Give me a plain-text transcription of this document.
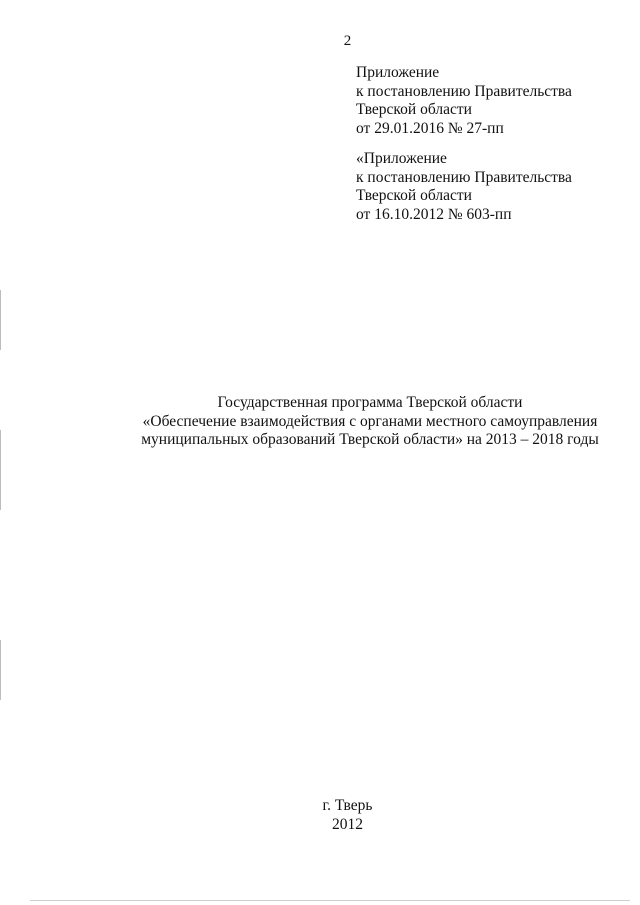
2
Приложение
к постановлению Правительства
Тверской области
от 29.01.2016 № 27-пп
«Приложение
к постановлению Правительства
Тверской области
от 16.10.2012 № 603-пп
Государственная программа Тверской области
«Обеспечение взаимодействия с органами местного самоуправления
муниципальных образований Тверской области» на 2013 – 2018 годы
г. Тверь
2012
